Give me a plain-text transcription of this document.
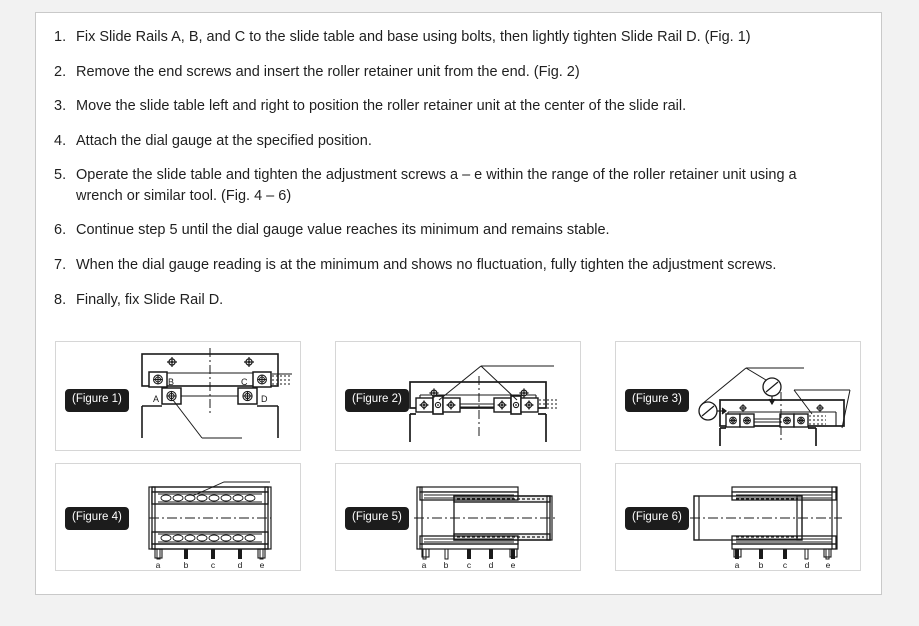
1. Fix Slide Rails A, B, and C to the slide table and base using bolts, then lightly tighten Slide Rail D. (Fig. 1)
2. Remove the end screws and insert the roller retainer unit from the end. (Fig. 2)
3. Move the slide table left and right to position the roller retainer unit at the center of the slide rail.
4. Attach the dial gauge at the specified position.
5. Operate the slide table and tighten the adjustment screws a – e within the range of the roller retainer unit using a wrench or similar tool. (Fig. 4 – 6)
6. Continue step 5 until the dial gauge value reaches its minimum and remains stable.
7. When the dial gauge reading is at the minimum and shows no fluctuation, fully tighten the adjustment screws.
8. Finally, fix Slide Rail D.
A
B	C
D
(Figure 1)	(Figure 2)	(Figure 3)
a	b	c	d e
(Figure 4)
a b c d e
(Figure 5)
a b c d e
(Figure 6)
